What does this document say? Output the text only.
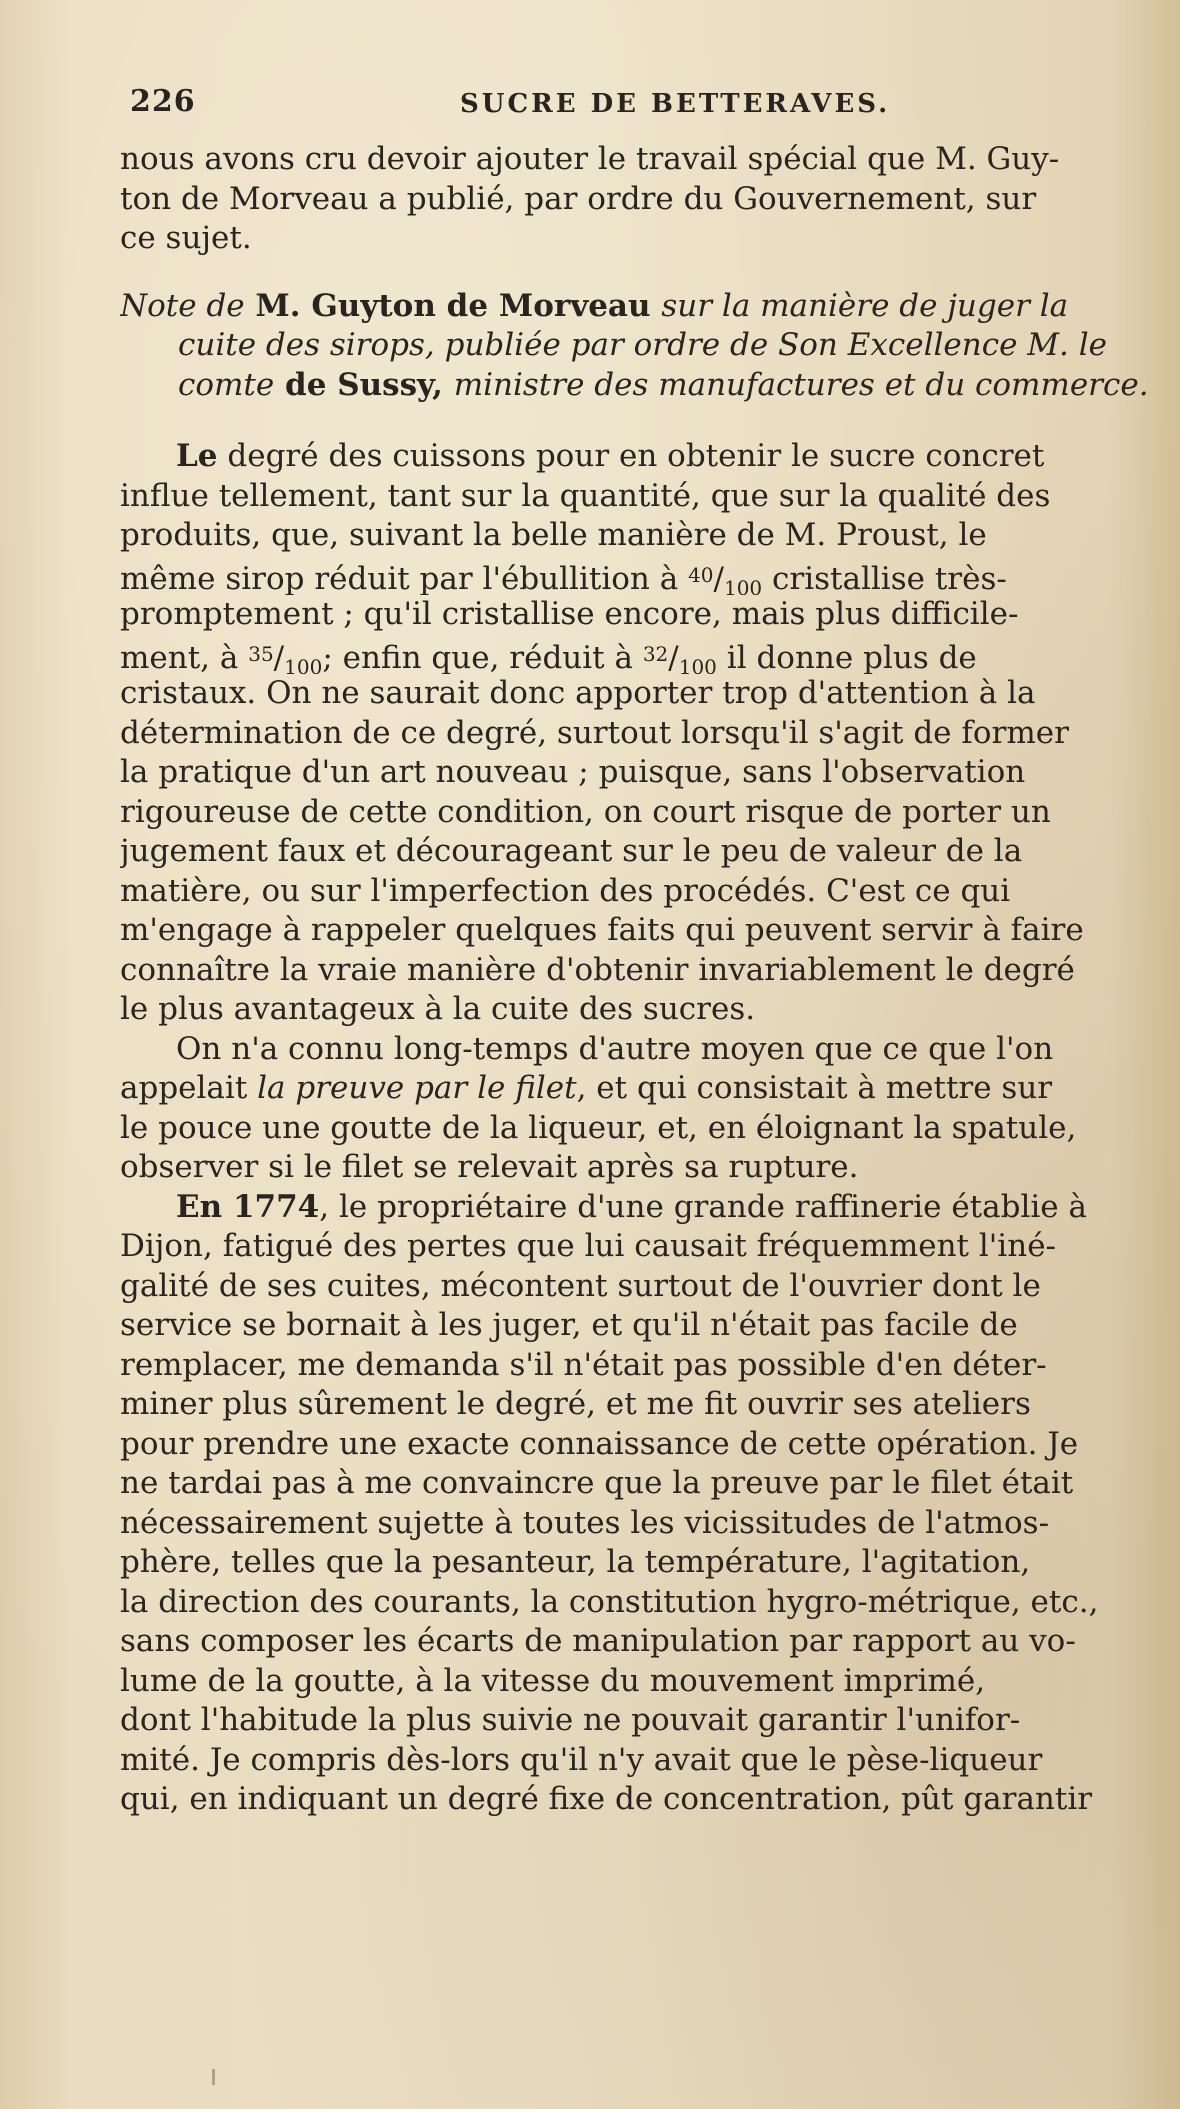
226	SUCRE DE BETTERAVES.
nous avons cru devoir ajouter le travail spécial que M. Guy-
ton de Morveau a publié, par ordre du Gouvernement, sur
ce sujet.
Note de M. Guyton de Morveau sur la manière de juger la
cuite des sirops, publiée par ordre de Son Excellence M. le
comte de Sussy, ministre des manufactures et du commerce.
Le degré des cuissons pour en obtenir le sucre concret
influe tellement, tant sur la quantité, que sur la qualité des
produits, que, suivant la belle manière de M. Proust, le
même sirop réduit par l'ébullition à $^{40}/_{100}$ cristallise très-
promptement ; qu'il cristallise encore, mais plus difficile-
ment, à $^{35}/_{100}$; enfin que, réduit à $^{32}/_{100}$ il donne plus de
cristaux. On ne saurait donc apporter trop d'attention à la
détermination de ce degré, surtout lorsqu'il s'agit de former
la pratique d'un art nouveau ; puisque, sans l'observation
rigoureuse de cette condition, on court risque de porter un
jugement faux et décourageant sur le peu de valeur de la
matière, ou sur l'imperfection des procédés. C'est ce qui
m'engage à rappeler quelques faits qui peuvent servir à faire
connaître la vraie manière d'obtenir invariablement le degré
le plus avantageux à la cuite des sucres.
On n'a connu long-temps d'autre moyen que ce que l'on
appelait la preuve par le filet, et qui consistait à mettre sur
le pouce une goutte de la liqueur, et, en éloignant la spatule,
observer si le filet se relevait après sa rupture.
En 1774, le propriétaire d'une grande raffinerie établie à
Dijon, fatigué des pertes que lui causait fréquemment l'iné-
galité de ses cuites, mécontent surtout de l'ouvrier dont le
service se bornait à les juger, et qu'il n'était pas facile de
remplacer, me demanda s'il n'était pas possible d'en déter-
miner plus sûrement le degré, et me fit ouvrir ses ateliers
pour prendre une exacte connaissance de cette opération. Je
ne tardai pas à me convaincre que la preuve par le filet était
nécessairement sujette à toutes les vicissitudes de l'atmos-
phère, telles que la pesanteur, la température, l'agitation,
la direction des courants, la constitution hygro-métrique, etc.,
sans composer les écarts de manipulation par rapport au vo-
lume de la goutte, à la vitesse du mouvement imprimé,
dont l'habitude la plus suivie ne pouvait garantir l'unifor-
mité. Je compris dès-lors qu'il n'y avait que le pèse-liqueur
qui, en indiquant un degré fixe de concentration, pût garantir
